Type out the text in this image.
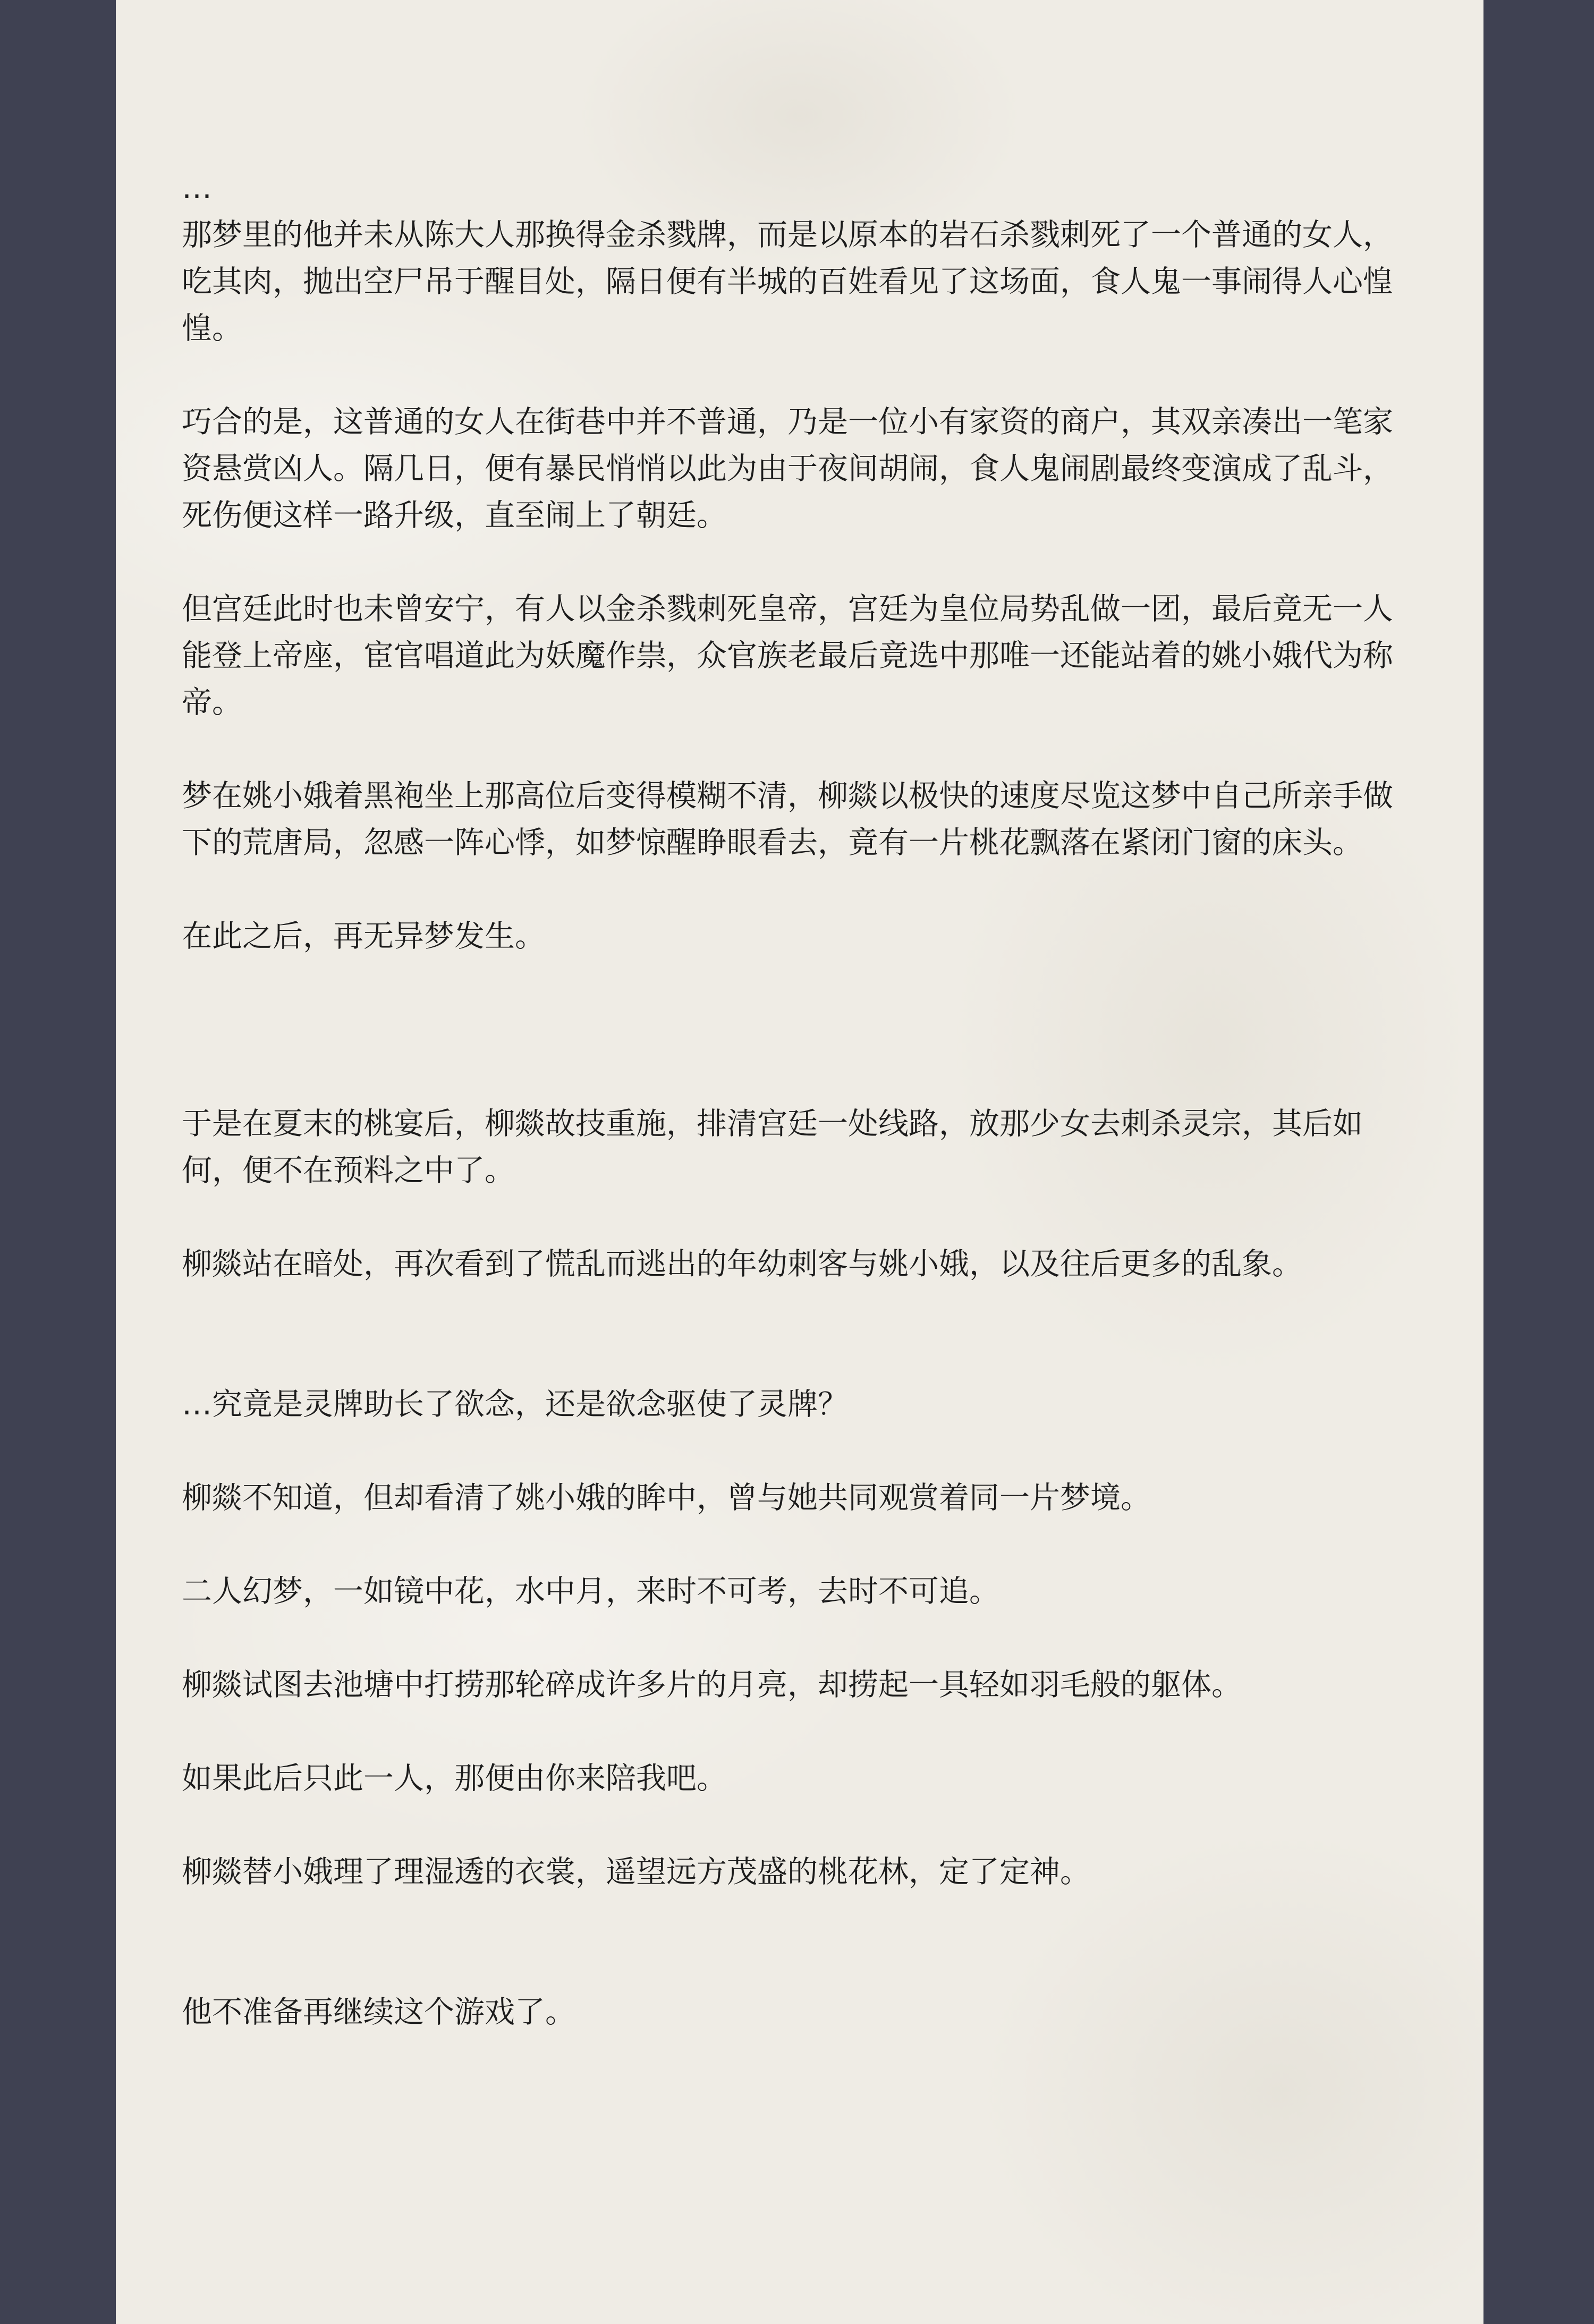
…

那梦里的他并未从陈大人那换得金杀戮牌，而是以原本的岩石杀戮刺死了一个普通的女人，吃其肉，抛出空尸吊于醒目处，隔日便有半城的百姓看见了这场面，食人鬼一事闹得人心惶惶。

巧合的是，这普通的女人在街巷中并不普通，乃是一位小有家资的商户，其双亲凑出一笔家资悬赏凶人。隔几日，便有暴民悄悄以此为由于夜间胡闹，食人鬼闹剧最终变演成了乱斗，死伤便这样一路升级，直至闹上了朝廷。

但宫廷此时也未曾安宁，有人以金杀戮刺死皇帝，宫廷为皇位局势乱做一团，最后竟无一人能登上帝座，宦官唱道此为妖魔作祟，众官族老最后竟选中那唯一还能站着的姚小娥代为称帝。

梦在姚小娥着黑袍坐上那高位后变得模糊不清，柳燚以极快的速度尽览这梦中自己所亲手做下的荒唐局，忽感一阵心悸，如梦惊醒睁眼看去，竟有一片桃花飘落在紧闭门窗的床头。

在此之后，再无异梦发生。

于是在夏末的桃宴后，柳燚故技重施，排清宫廷一处线路，放那少女去刺杀灵宗，其后如何，便不在预料之中了。

柳燚站在暗处，再次看到了慌乱而逃出的年幼刺客与姚小娥，以及往后更多的乱象。

…究竟是灵牌助长了欲念，还是欲念驱使了灵牌？

柳燚不知道，但却看清了姚小娥的眸中，曾与她共同观赏着同一片梦境。

二人幻梦，一如镜中花，水中月，来时不可考，去时不可追。

柳燚试图去池塘中打捞那轮碎成许多片的月亮，却捞起一具轻如羽毛般的躯体。

如果此后只此一人，那便由你来陪我吧。

柳燚替小娥理了理湿透的衣裳，遥望远方茂盛的桃花林，定了定神。

他不准备再继续这个游戏了。
